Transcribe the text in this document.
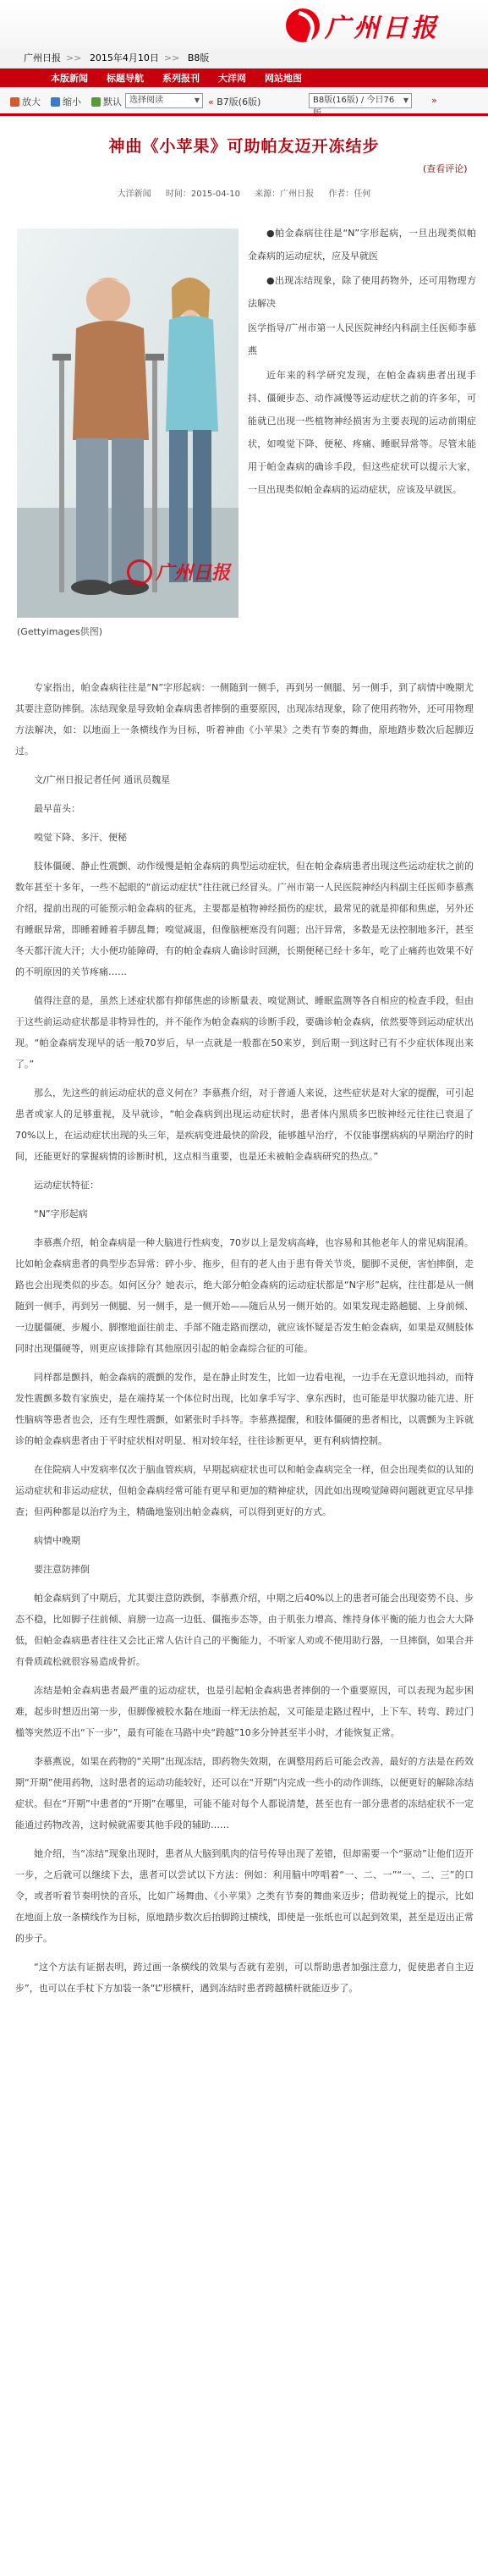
广州日报
广州日报 >> 2015年4月10日 >> B8版
本版新闻 标题导航 系列报刊 大洋网 网站地图
放大 缩小 默认 选择阅读 ▼	«
B7版(6版)	B8版(16版) / 今日76 ▼	»
神曲《小苹果》可助帕友迈开冻结步
(查看评论)
大洋新闻 时间：2015-04-10 来源：广州日报 作者：任何
广州日报
(Gettyimages供图)

●帕金森病往往是“N”字形起病，一旦出现类似帕金森病的运动症状，应及早就医

●出现冻结现象，除了使用药物外，还可用物理方法解决

医学指导/广州市第一人民医院神经内科副主任医师李慕燕

近年来的科学研究发现，在帕金森病患者出现手抖、僵硬步态、动作减慢等运动症状之前的许多年，可能就已出现一些植物神经损害为主要表现的运动前期症状，如嗅觉下降、便秘、疼痛、睡眠异常等。尽管未能用于帕金森病的确诊手段，但这些症状可以提示大家，一旦出现类似帕金森病的运动症状，应该及早就医。

专家指出，帕金森病往往是“N”字形起病：一侧随到一侧手，再到另一侧腿、另一侧手，到了病情中晚期尤其要注意防摔倒。冻结现象是导致帕金森病患者摔倒的重要原因，出现冻结现象，除了使用药物外，还可用物理方法解决，如：以地面上一条横线作为目标，听着神曲《小苹果》之类有节奏的舞曲，原地踏步数次后起脚迈过。

文/广州日报记者任何 通讯员魏星

最早苗头：

嗅觉下降、多汗、便秘

肢体僵硬、静止性震颤、动作缓慢是帕金森病的典型运动症状，但在帕金森病患者出现这些运动症状之前的数年甚至十多年，一些不起眼的“前运动症状”往往就已经冒头。广州市第一人民医院神经内科副主任医师李慕燕介绍，提前出现的可能预示帕金森病的征兆，主要都是植物神经损伤的症状，最常见的就是抑郁和焦虑，另外还有睡眠异常，即睡着睡着手脚乱舞；嗅觉减退，但像脑梗塞没有问题；出汗异常，多数是无法控制地多汗，甚至冬天都汗流大汗；大小便功能障碍，有的帕金森病人确诊时回溯，长期便秘已经十多年，吃了止痛药也效果不好的不明原因的关节疼痛……

值得注意的是，虽然上述症状都有抑郁焦虑的诊断量表、嗅觉测试、睡眠监测等各自相应的检查手段，但由于这些前运动症状都是非特异性的，并不能作为帕金森病的诊断手段，要确诊帕金森病，依然要等到运动症状出现。“帕金森病发现早的话一般70岁后，早一点就是一般都在50来岁，到后期一到这时已有不少症状体现出来了。”

那么，先这些的前运动症状的意义何在？李慕燕介绍，对于普通人来说，这些症状是对大家的提醒，可引起患者或家人的足够重视，及早就诊，“帕金森病到出现运动症状时，患者体内黑质多巴胺神经元往往已衰退了70%以上，在运动症状出现的头三年，是疾病变进最快的阶段，能够越早治疗，不仅能事摆病病的早期治疗的时间，还能更好的掌握病情的诊断时机，这点相当重要，也是还未被帕金森病研究的热点。”

运动症状特征：

“N”字形起病

李慕燕介绍，帕金森病是一种大脑进行性病变，70岁以上是发病高峰，也容易和其他老年人的常见病混淆。比如帕金森病患者的典型步态异常：碎小步、拖步，但有的老人由于患有骨关节炎，腿脚不灵便，害怕摔倒，走路也会出现类似的步态。如何区分？她表示，绝大部分帕金森病的运动症状都是“N字形”起病，往往都是从一侧随到一侧手，再到另一侧腿、另一侧手，是一侧开始——随后从另一侧开始的。如果发现走路趟腿、上身前倾、一边腿僵硬、步履小、脚擦地面往前走、手部不随走路而摆动，就应该怀疑是否发生帕金森病，如果是双侧肢体同时出现僵硬等，则更应该排除有其他原因引起的帕金森综合征的可能。

同样都是颤抖，帕金森病的震颤的发作，是在静止时发生，比如一边看电视，一边手在无意识地抖动，而特发性震颤多数有家族史，是在端持某一个体位时出现，比如拿手写字、拿东西时，也可能是甲状腺功能亢进、肝性脑病等患者也会，还有生理性震颤，如紧张时手抖等。李慕燕提醒，和肢体僵硬的患者相比，以震颤为主诉就诊的帕金森病患者由于平时症状相对明显、相对较年轻，往往诊断更早，更有利病情控制。

在住院病人中发病率仅次于脑血管疾病，早期起病症状也可以和帕金森病完全一样，但会出现类似的认知的运动症状和非运动症状，但帕金森病经常可能有更早和更加的精神症状，因此如出现嗅觉障碍问题就更宜尽早排查；但两种都是以治疗为主，精确地鉴别出帕金森病，可以得到更好的方式。

病情中晚期

要注意防摔倒

帕金森病到了中期后，尤其要注意防跌倒，李慕燕介绍，中期之后40%以上的患者可能会出现姿势不良、步态不稳，比如脚子往前倾、肩膀一边高一边低、僵拖步态等，由于肌张力增高、维持身体平衡的能力也会大大降低，但帕金森病患者往往又会比正常人估计自己的平衡能力，不听家人劝或不使用助行器，一旦摔倒，如果合并有骨质疏松就很容易造成骨折。

冻结是帕金森病患者最严重的运动症状，也是引起帕金森病患者摔倒的一个重要原因，可以表现为起步困难，起步时想迈出第一步，但脚像被胶水黏在地面一样无法抬起，又可能是走路过程中，上下车、转弯、跨过门槛等突然迈不出“下一步”，最有可能在马路中央“跨越”10多分钟甚至半小时，才能恢复正常。

李慕燕说，如果在药物的“关期”出现冻结，即药物失效期，在调整用药后可能会改善，最好的方法是在药效期“开期”使用药物，这时患者的运动功能较好，还可以在“开期”内完成一些小的动作训练，以便更好的解除冻结症状。但在“开期”中患者的“开期”在哪里，可能不能对每个人都说清楚，甚至也有一部分患者的冻结症状不一定能通过药物改善，这时候就需要其他手段的辅助……

她介绍，当“冻结”现象出现时，患者从大脑到肌肉的信号传导出现了差错，但却需要一个“驱动”让他们迈开一步，之后就可以继续下去，患者可以尝试以下方法：例如：利用脑中哼唱着“一、二、一”“一、二、三”的口令，或者听着节奏明快的音乐，比如广场舞曲、《小苹果》之类有节奏的舞曲来迈步；借助视觉上的提示，比如在地面上放一条横线作为目标，原地踏步数次后抬脚跨过横线，即使是一张纸也可以起到效果，甚至是迈出正常的步子。

“这个方法有证据表明，跨过画一条横线的效果与否就有差别，可以帮助患者加强注意力，促使患者自主迈步”，也可以在手杖下方加装一条“L”形横杆，遇到冻结时患者跨越横杆就能迈步了。
